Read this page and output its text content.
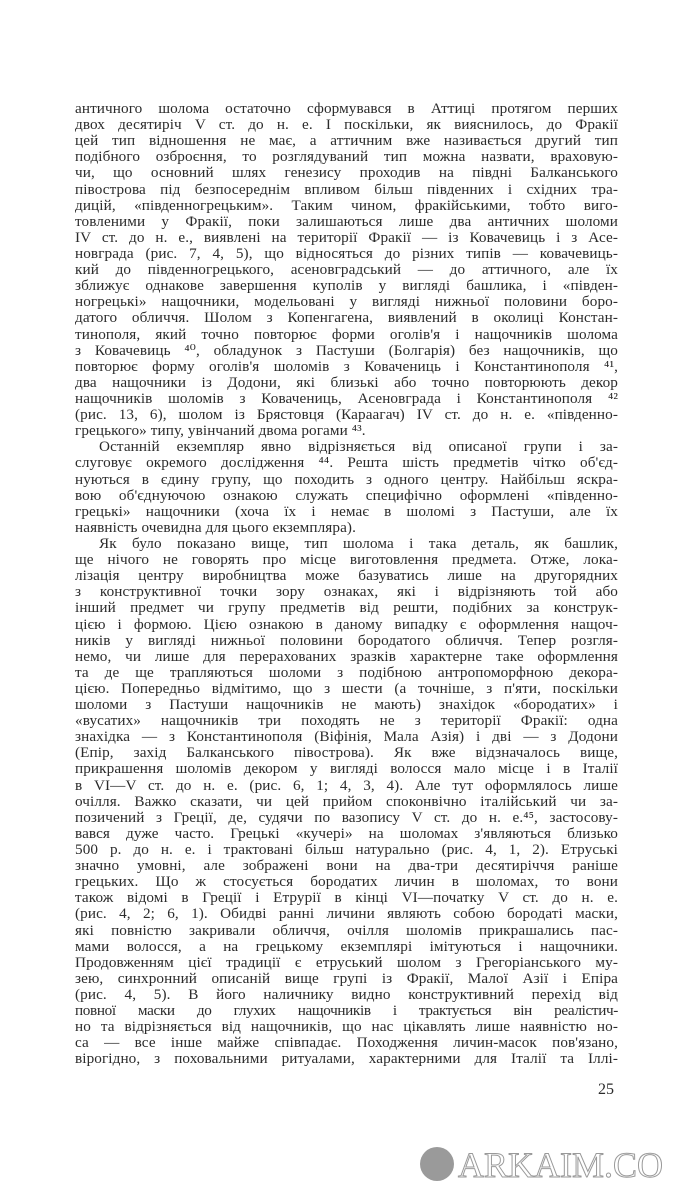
античного шолома остаточно сформувався в Аттиці протягом перших
двох десятиріч V ст. до н. е. І поскільки, як вияснилось, до Фракії
цей тип відношення не має, а аттичним вже називається другий тип
подібного озброєння, то розглядуваний тип можна назвати, враховую-
чи, що основний шлях генезису проходив на півдні Балканського
півострова під безпосереднім впливом більш південних і східних тра-
дицій, «південногрецьким». Таким чином, фракійськими, тобто виго-
товленими у Фракії, поки залишаються лише два античних шоломи
IV ст. до н. е., виявлені на території Фракії — із Ковачевиць і з Асе-
новграда (рис. 7, 4, 5), що відносяться до різних типів — ковачевиць-
кий до південногрецького, асеновградський — до аттичного, але їх
зближує однакове завершення куполів у вигляді башлика, і «півден-
ногрецькі» нащочники, модельовані у вигляді нижньої половини боро-
датого обличчя. Шолом з Копенгагена, виявлений в околиці Констан-
тинополя, який точно повторює форми оголів'я і нащочників шолома
з Ковачевиць ⁴⁰, обладунок з Пастуши (Болгарія) без нащочників, що
повторює форму оголів'я шоломів з Ковачениць і Константинополя ⁴¹,
два нащочники із Додони, які близькі або точно повторюють декор
нащочників шоломів з Ковачениць, Асеновграда і Константинополя ⁴²
(рис. 13, 6), шолом із Брястовця (Караагач) IV ст. до н. е. «південно-
грецького» типу, увінчаний двома рогами ⁴³.
Останній екземпляр явно відрізняється від описаної групи і за-
слуговує окремого дослідження ⁴⁴. Решта шість предметів чітко об'єд-
нуються в єдину групу, що походить з одного центру. Найбільш яскра-
вою об'єднуючою ознакою служать специфічно оформлені «південно-
грецькі» нащочники (хоча їх і немає в шоломі з Пастуши, але їх
наявність очевидна для цього екземпляра).
Як було показано вище, тип шолома і така деталь, як башлик,
ще нічого не говорять про місце виготовлення предмета. Отже, лока-
лізація центру виробництва може базуватись лише на другорядних
з конструктивної точки зору ознаках, які і відрізняють той або
інший предмет чи групу предметів від решти, подібних за конструк-
цією і формою. Цією ознакою в даному випадку є оформлення нащоч-
ників у вигляді нижньої половини бородатого обличчя. Тепер розгля-
немо, чи лише для перерахованих зразків характерне таке оформлення
та де ще трапляються шоломи з подібною антропоморфною декора-
цією. Попередньо відмітимо, що з шести (а точніше, з п'яти, поскільки
шоломи з Пастуши нащочників не мають) знахідок «бородатих» і
«вусатих» нащочників три походять не з території Фракії: одна
знахідка — з Константинополя (Віфінія, Мала Азія) і дві — з Додони
(Епір, захід Балканського півострова). Як вже відзначалось вище,
прикрашення шоломів декором у вигляді волосся мало місце і в Італії
в VI—V ст. до н. е. (рис. 6, 1; 4, 3, 4). Але тут оформлялось лише
очілля. Важко сказати, чи цей прийом споконвічно італійський чи за-
позичений з Греції, де, судячи по вазопису V ст. до н. е.⁴⁵, застосову-
вався дуже часто. Грецькі «кучері» на шоломах з'являються близько
500 р. до н. е. і трактовані більш натурально (рис. 4, 1, 2). Етруські
значно умовні, але зображені вони на два-три десятиріччя раніше
грецьких. Що ж стосується бородатих личин в шоломах, то вони
також відомі в Греції і Етрурії в кінці VI—початку V ст. до н. е.
(рис. 4, 2; 6, 1). Обидві ранні личини являють собою бородаті маски,
які повністю закривали обличчя, очілля шоломів прикрашались пас-
мами волосся, а на грецькому екземплярі імітуються і нащочники.
Продовженням цієї традиції є етруський шолом з Грегоріанського му-
зею, синхронний описаній вище групі із Фракії, Малої Азії і Епіра
(рис. 4, 5). В його наличнику видно конструктивний перехід від
повної маски до глухих нащочників і трактується він реалістич-
но та відрізняється від нащочників, що нас цікавлять лише наявністю но-
са — все інше майже співпадає. Походження личин-масок пов'язано,
вірогідно, з поховальними ритуалами, характерними для Італії та Іллі-
25
ARKAIM.CO
